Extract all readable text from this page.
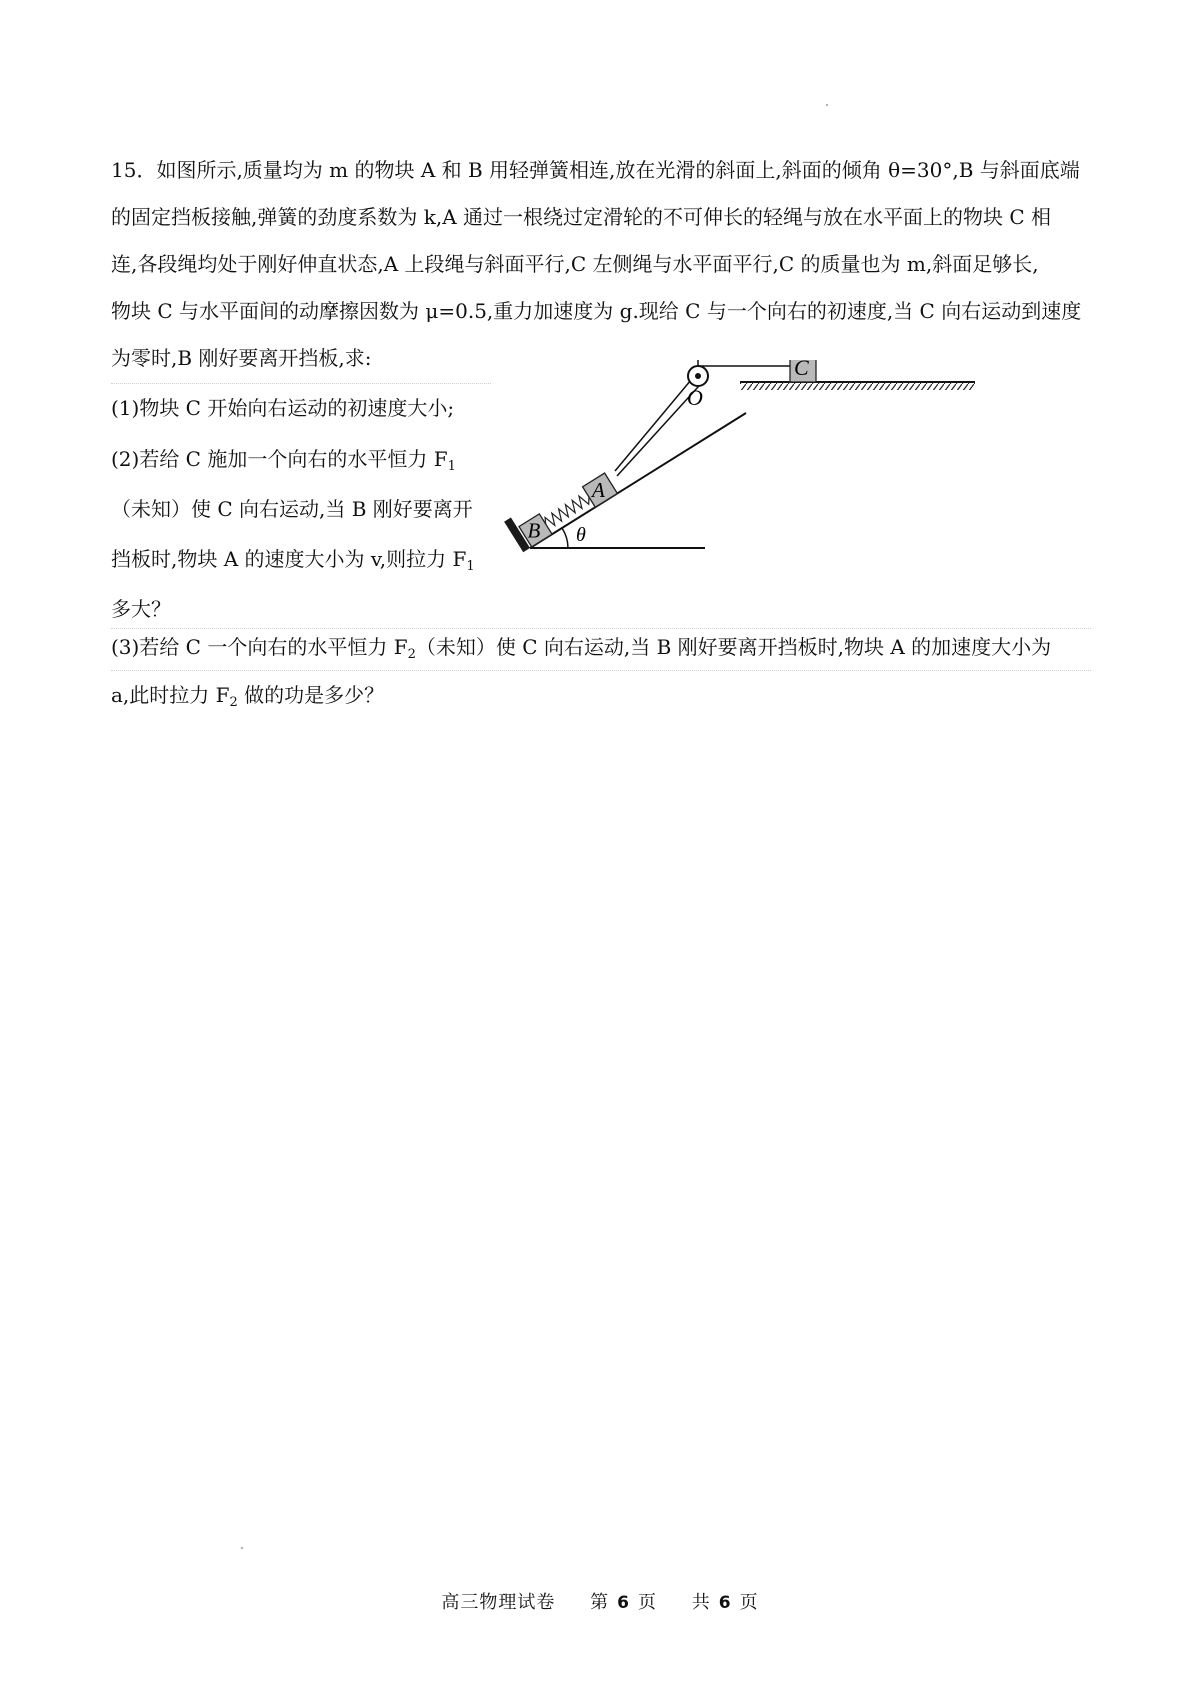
15．如图所示,质量均为 m 的物块 A 和 B 用轻弹簧相连,放在光滑的斜面上,斜面的倾角 θ=30°,B 与斜面底端
的固定挡板接触,弹簧的劲度系数为 k,A 通过一根绕过定滑轮的不可伸长的轻绳与放在水平面上的物块 C 相
连,各段绳均处于刚好伸直状态,A 上段绳与斜面平行,C 左侧绳与水平面平行,C 的质量也为 m,斜面足够长,
物块 C 与水平面间的动摩擦因数为 μ=0.5,重力加速度为 g.现给 C 与一个向右的初速度,当 C 向右运动到速度
为零时,B 刚好要离开挡板,求:
(1)物块 C 开始向右运动的初速度大小;
(2)若给 C 施加一个向右的水平恒力 $F_1$
（未知）使 C 向右运动,当 B 刚好要离开
挡板时,物块 A 的速度大小为 v,则拉力 $F_1$
多大？
(3)若给 C 一个向右的水平恒力 $F_2$（未知）使 C 向右运动,当 B 刚好要离开挡板时,物块 A 的加速度大小为
a,此时拉力 $F_2$ 做的功是多少？
θ
B
A
O
C
高三物理试卷 第 6 页 共 6 页
